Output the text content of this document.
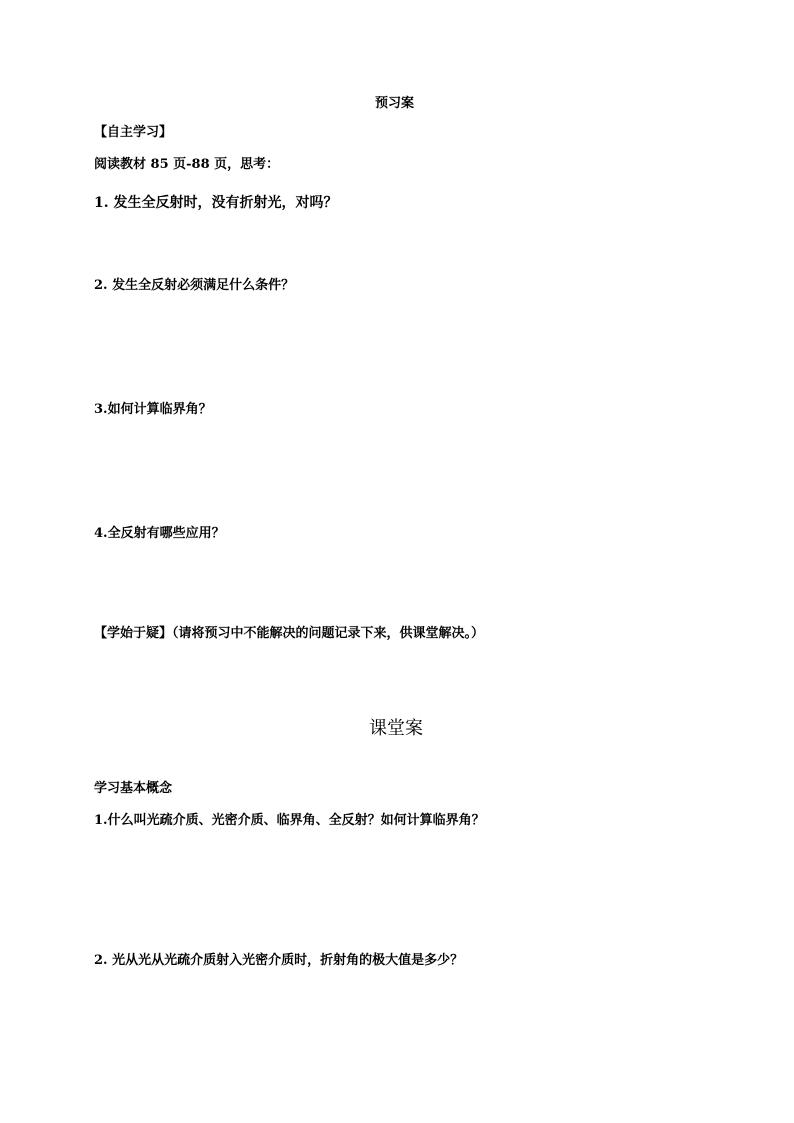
预习案
【自主学习】
阅读教材 85 页-88 页，思考：
1. 发生全反射时，没有折射光，对吗？
2. 发生全反射必须满足什么条件？
3.如何计算临界角？
4.全反射有哪些应用？
【学始于疑】（请将预习中不能解决的问题记录下来，供课堂解决。）
课堂案
学习基本概念
1.什么叫光疏介质、光密介质、临界角、全反射？如何计算临界角？
2. 光从光从光疏介质射入光密介质时，折射角的极大值是多少？
